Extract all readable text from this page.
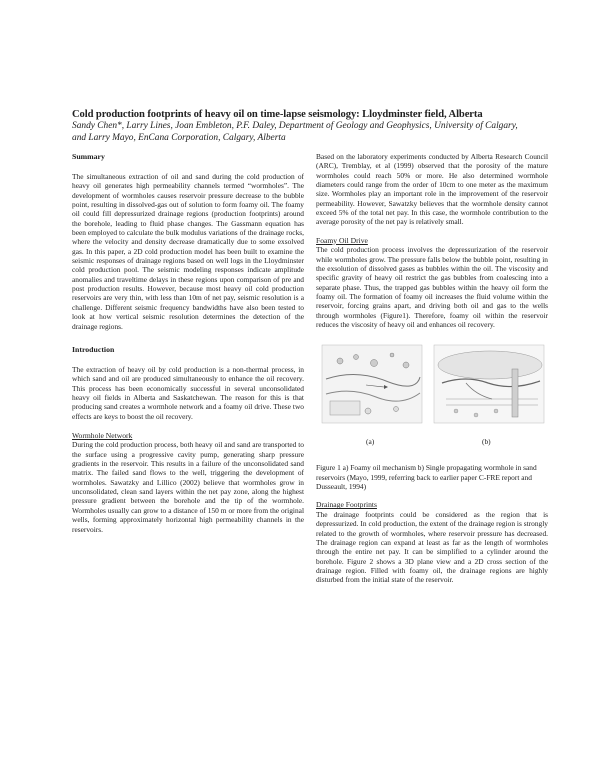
Cold production footprints of heavy oil on time-lapse seismology: Lloydminster field, Alberta
Sandy Chen*, Larry Lines, Joan Embleton, P.F. Daley, Department of Geology and Geophysics, University of Calgary, and Larry Mayo, EnCana Corporation, Calgary, Alberta
Summary

The simultaneous extraction of oil and sand during the cold production of heavy oil generates high permeability channels termed “wormholes”. The development of wormholes causes reservoir pressure decrease to the bubble point, resulting in dissolved-gas out of solution to form foamy oil. The foamy oil could fill depressurized drainage regions (production footprints) around the borehole, leading to fluid phase changes. The Gassmann equation has been employed to calculate the bulk modulus variations of the drainage rocks, where the velocity and density decrease dramatically due to some exsolved gas. In this paper, a 2D cold production model has been built to examine the seismic responses of drainage regions based on well logs in the Lloydminster cold production pool. The seismic modeling responses indicate amplitude anomalies and traveltime delays in these regions upon comparison of pre and post production results. However, because most heavy oil cold production reservoirs are very thin, with less than 10m of net pay, seismic resolution is a challenge. Different seismic frequency bandwidths have also been tested to look at how vertical seismic resolution determines the detection of the drainage regions.

Introduction

The extraction of heavy oil by cold production is a non-thermal process, in which sand and oil are produced simultaneously to enhance the oil recovery. This process has been economically successful in several unconsolidated heavy oil fields in Alberta and Saskatchewan. The reason for this is that producing sand creates a wormhole network and a foamy oil drive. These two effects are keys to boost the oil recovery.

Wormhole Network

During the cold production process, both heavy oil and sand are transported to the surface using a progressive cavity pump, generating sharp pressure gradients in the reservoir. This results in a failure of the unconsolidated sand matrix. The failed sand flows to the well, triggering the development of wormholes. Sawatzky and Lillico (2002) believe that wormholes grow in unconsolidated, clean sand layers within the net pay zone, along the highest pressure gradient between the borehole and the tip of the wormhole. Wormholes usually can grow to a distance of 150 m or more from the original wells, forming approximately horizontal high permeability channels in the reservoirs.

Based on the laboratory experiments conducted by Alberta Research Council (ARC), Tremblay, et al (1999) observed that the porosity of the mature wormholes could reach 50% or more. He also determined wormhole diameters could range from the order of 10cm to one meter as the maximum size. Wormholes play an important role in the improvement of the reservoir permeability. However, Sawatzky believes that the wormhole density cannot exceed 5% of the total net pay. In this case, the wormhole contribution to the average porosity of the net pay is relatively small.

Foamy Oil Drive

The cold production process involves the depressurization of the reservoir while wormholes grow. The pressure falls below the bubble point, resulting in the exsolution of dissolved gases as bubbles within the oil. The viscosity and specific gravity of heavy oil restrict the gas bubbles from coalescing into a separate phase. Thus, the trapped gas bubbles within the heavy oil form the foamy oil. The formation of foamy oil increases the fluid volume within the reservoir, forcing grains apart, and driving both oil and gas to the wells through wormholes (Figure1). Therefore, foamy oil within the reservoir reduces the viscosity of heavy oil and enhances oil recovery.

(a)	(b)

Figure 1 a) Foamy oil mechanism b) Single propagating wormhole in sand reservoirs (Mayo, 1999, referring back to earlier paper C-FRE report and Dusseault, 1994)

Drainage Footprints

The drainage footprints could be considered as the region that is depressurized. In cold production, the extent of the drainage region is strongly related to the growth of wormholes, where reservoir pressure has decreased. The drainage region can expand at least as far as the length of wormholes through the entire net pay. It can be simplified to a cylinder around the borehole. Figure 2 shows a 3D plane view and a 2D cross section of the drainage region. Filled with foamy oil, the drainage regions are highly disturbed from the initial state of the reservoir.
